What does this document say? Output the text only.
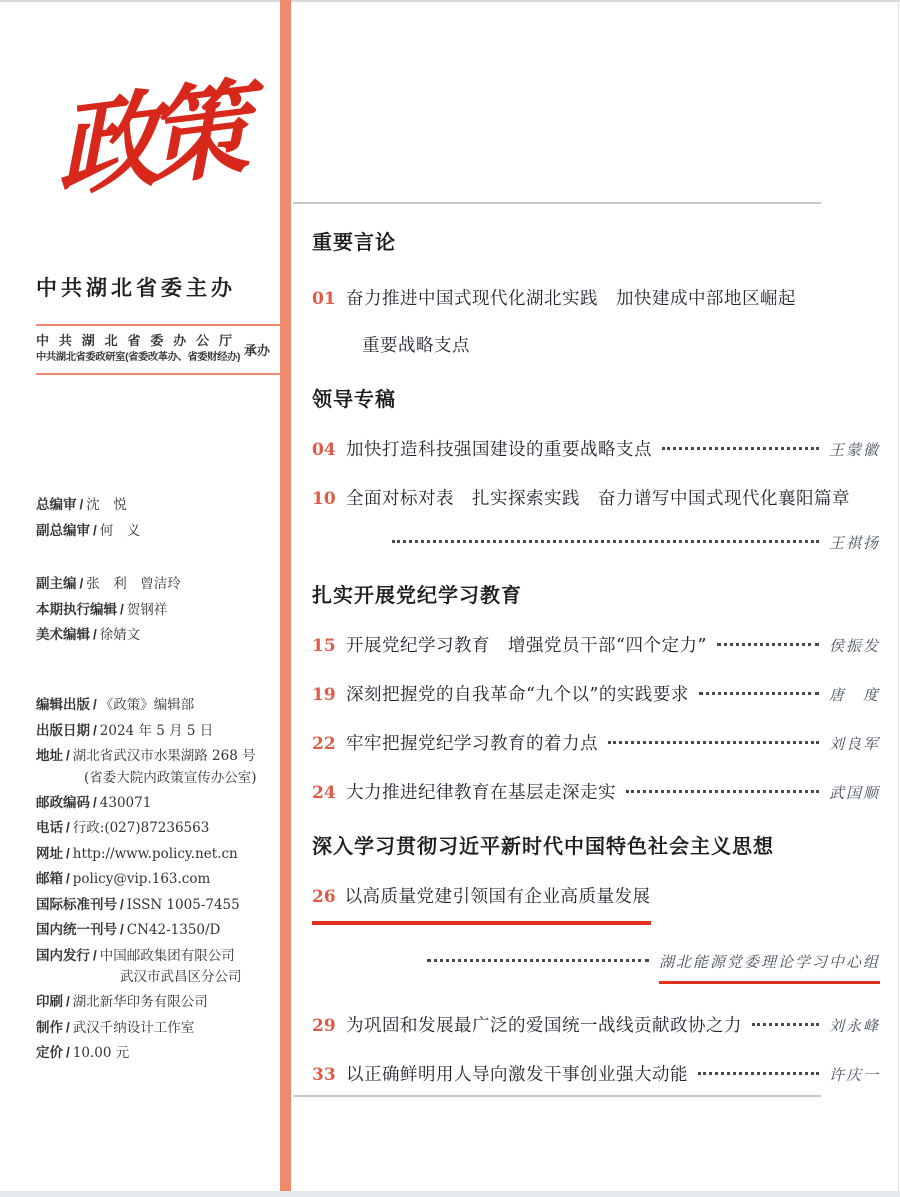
政策
中共湖北省委主办
中共湖北省委办公厅
中共湖北省委政研室(省委改革办、省委财经办) 承办
总编审 / 沈　悦
副总编审 / 何　义
副主编 / 张　利　曾洁玲
本期执行编辑 / 贺钢祥
美术编辑 / 徐婧文
编辑出版 / 《政策》编辑部
出版日期 / 2024 年 5 月 5 日
地址 / 湖北省武汉市水果湖路 268 号
(省委大院内政策宣传办公室)
邮政编码 / 430071
电话 / 行政:(027)87236563
网址 / http://www.policy.net.cn
邮箱 / policy@vip.163.com
国际标准刊号 / ISSN 1005-7455
国内统一刊号 / CN42-1350/D
国内发行 / 中国邮政集团有限公司
武汉市武昌区分公司
印刷 / 湖北新华印务有限公司
制作 / 武汉千纳设计工作室
定价 / 10.00 元
重要言论
01 奋力推进中国式现代化湖北实践　加快建成中部地区崛起
重要战略支点
领导专稿
04 加快打造科技强国建设的重要战略支点	王蒙徽
10 全面对标对表　扎实探索实践　奋力谱写中国式现代化襄阳篇章
王祺扬
扎实开展党纪学习教育
15 开展党纪学习教育　增强党员干部“四个定力”	侯振发
19 深刻把握党的自我革命“九个以”的实践要求	唐　度
22 牢牢把握党纪学习教育的着力点	刘良军
24 大力推进纪律教育在基层走深走实	武国顺
深入学习贯彻习近平新时代中国特色社会主义思想
26 以高质量党建引领国有企业高质量发展
湖北能源党委理论学习中心组
29 为巩固和发展最广泛的爱国统一战线贡献政协之力	刘永峰
33 以正确鲜明用人导向激发干事创业强大动能	许庆一
